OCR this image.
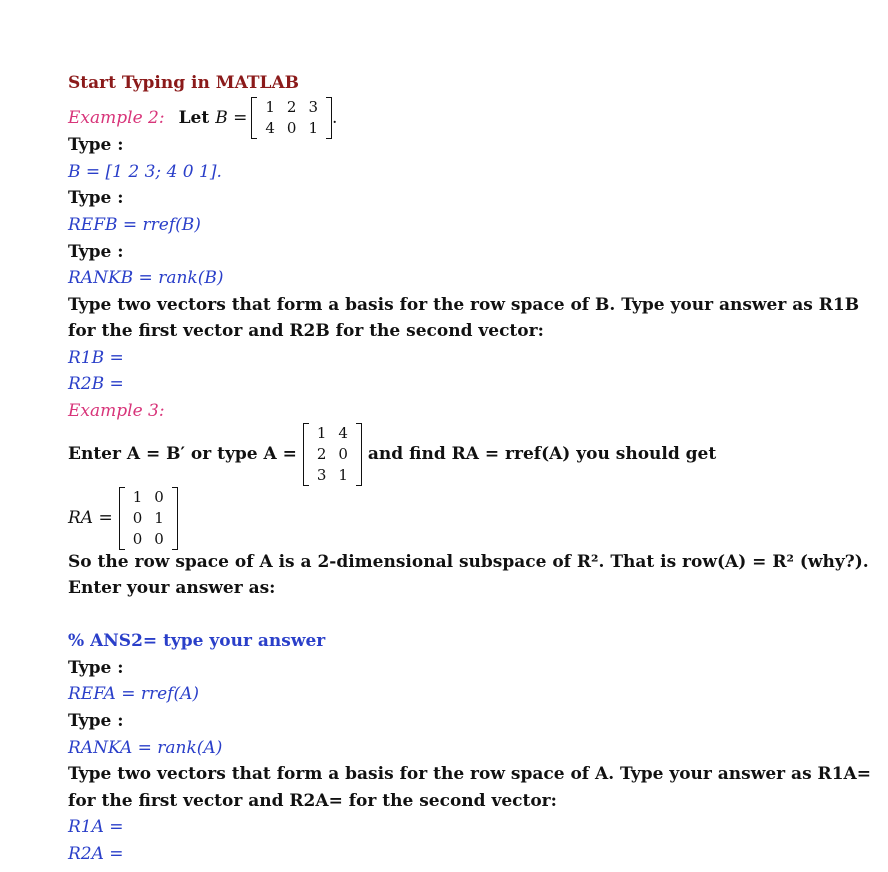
Start Typing in MATLAB
Example 2: Let B =
1	2	3
4	0	1 .
Type :
B = [1 2 3; 4 0 1].
Type :
REFB = rref(B)
Type :
RANKB = rank(B)
Type two vectors that form a basis for the row space of B. Type your answer as R1B
for the first vector and R2B for the second vector:
R1B =
R2B =
Example 3:
Enter A = B′ or type A =
1	4
2	0
3	1
and find RA = rref(A) you should get
RA =
1	0
0	1
0	0
So the row space of A is a 2-dimensional subspace of R². That is row(A) = R² (why?).
Enter your answer as:
% ANS2= type your answer
Type :
REFA = rref(A)
Type :
RANKA = rank(A)
Type two vectors that form a basis for the row space of A. Type your answer as R1A=
for the first vector and R2A= for the second vector:
R1A =
R2A =
